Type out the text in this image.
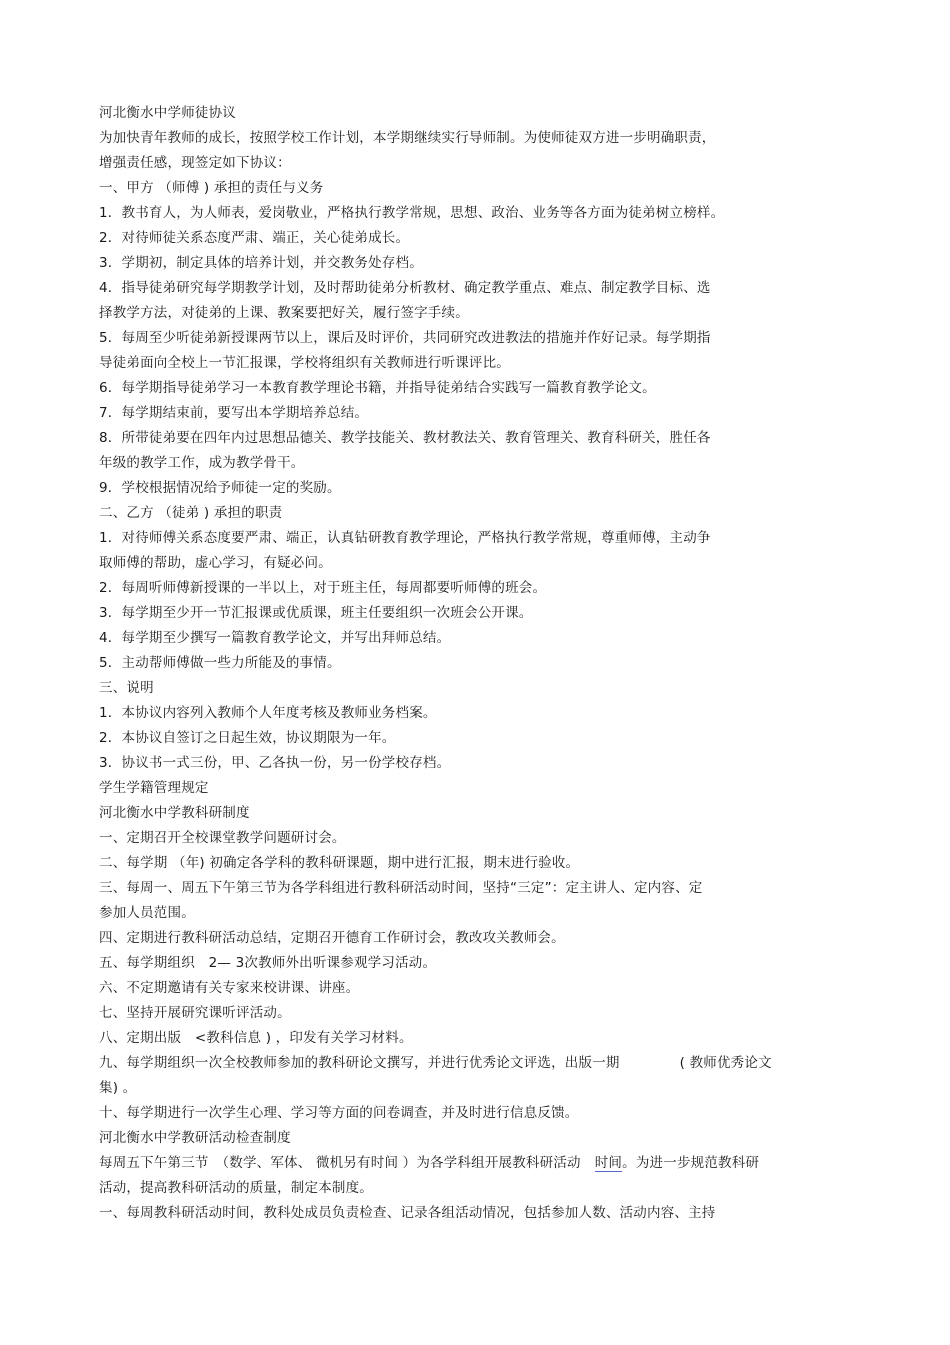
河北衡水中学师徒协议
为加快青年教师的成长，按照学校工作计划，本学期继续实行导师制。为使师徒双方进一步明确职责，
增强责任感，现签定如下协议：
一、甲方 （师傅 ) 承担的责任与义务
1．教书育人，为人师表，爱岗敬业，严格执行教学常规，思想、政治、业务等各方面为徒弟树立榜样。
2．对待师徒关系态度严肃、端正，关心徒弟成长。
3．学期初，制定具体的培养计划，并交教务处存档。
4．指导徒弟研究每学期教学计划，及时帮助徒弟分析教材、确定教学重点、难点、制定教学目标、选
择教学方法，对徒弟的上课、教案要把好关，履行签字手续。
5．每周至少听徒弟新授课两节以上，课后及时评价，共同研究改进教法的措施并作好记录。每学期指
导徒弟面向全校上一节汇报课，学校将组织有关教师进行听课评比。
6．每学期指导徒弟学习一本教育教学理论书籍，并指导徒弟结合实践写一篇教育教学论文。
7．每学期结束前，要写出本学期培养总结。
8．所带徒弟要在四年内过思想品德关、教学技能关、教材教法关、教育管理关、教育科研关，胜任各
年级的教学工作，成为教学骨干。
9．学校根据情况给予师徒一定的奖励。
二、乙方 （徒弟 ) 承担的职责
1．对待师傅关系态度要严肃、端正，认真钻研教育教学理论，严格执行教学常规，尊重师傅，主动争
取师傅的帮助，虚心学习，有疑必问。
2．每周听师傅新授课的一半以上，对于班主任，每周都要听师傅的班会。
3．每学期至少开一节汇报课或优质课，班主任要组织一次班会公开课。
4．每学期至少撰写一篇教育教学论文，并写出拜师总结。
5．主动帮师傅做一些力所能及的事情。
三、说明
1．本协议内容列入教师个人年度考核及教师业务档案。
2．本协议自签订之日起生效，协议期限为一年。
3．协议书一式三份，甲、乙各执一份，另一份学校存档。
学生学籍管理规定
河北衡水中学教科研制度
一、定期召开全校课堂教学问题研讨会。
二、每学期 （年) 初确定各学科的教科研课题，期中进行汇报，期末进行验收。
三、每周一、周五下午第三节为各学科组进行教科研活动时间，坚持“三定”：定主讲人、定内容、定
参加人员范围。
四、定期进行教科研活动总结，定期召开德育工作研讨会，教改攻关教师会。
五、每学期组织　2— 3次教师外出听课参观学习活动。
六、不定期邀请有关专家来校讲课、讲座。
七、坚持开展研究课听评活动。
八、定期出版　<教科信息 ) ，印发有关学习材料。
九、每学期组织一次全校教师参加的教科研论文撰写，并进行优秀论文评选，出版一期	( 教师优秀论文
集) 。
十、每学期进行一次学生心理、学习等方面的问卷调查，并及时进行信息反馈。
河北衡水中学教研活动检查制度
每周五下午第三节　（数学、军体、 微机另有时间 ）为各学科组开展教科研活动 时间。为进一步规范教科研
活动，提高教科研活动的质量，制定本制度。
一、每周教科研活动时间，教科处成员负责检查、记录各组活动情况，包括参加人数、活动内容、主持
